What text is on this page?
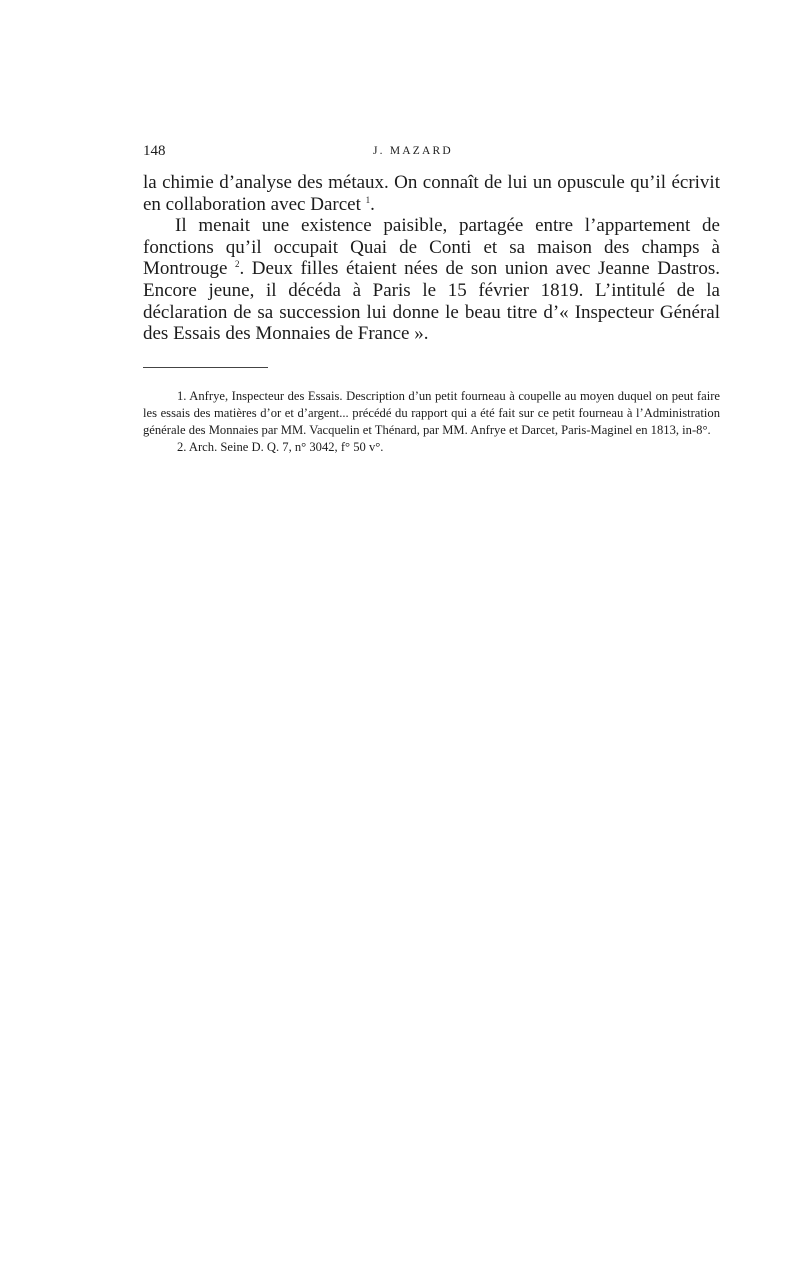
148	J. MAZARD

la chimie d’analyse des métaux. On connaît de lui un opuscule qu’il écrivit en collaboration avec Darcet $^1$.

Il menait une existence paisible, partagée entre l’appartement de fonctions qu’il occupait Quai de Conti et sa maison des champs à Montrouge $^2$. Deux filles étaient nées de son union avec Jeanne Dastros. Encore jeune, il décéda à Paris le 15 février 1819. L’intitulé de la déclaration de sa succession lui donne le beau titre d’« Inspecteur Général des Essais des Monnaies de France ».

1. Anfrye, Inspecteur des Essais. Description d’un petit fourneau à coupelle au moyen duquel on peut faire les essais des matières d’or et d’argent... précédé du rapport qui a été fait sur ce petit fourneau à l’Administration générale des Monnaies par MM. Vacquelin et Thénard, par MM. Anfrye et Darcet, Paris-Maginel en 1813, in-8°.

2. Arch. Seine D. Q. 7, n° 3042, f° 50 v°.
